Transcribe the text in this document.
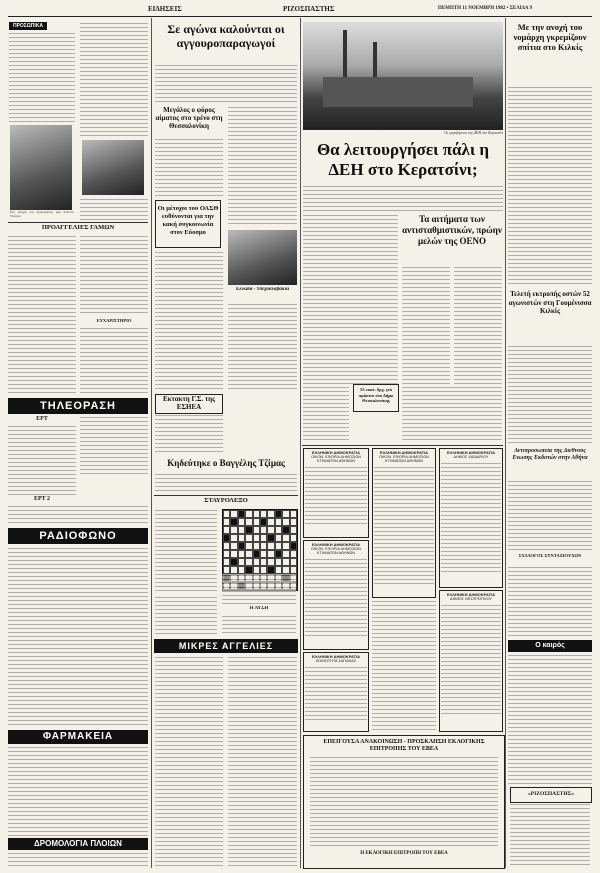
ΕΙΔΗΣΕΙΣ	ΡΙΖΟΣΠΑΣΤΗΣ	ΠΕΜΠΤΗ 11 ΝΟΕΜΒΡΗ 1982 • ΣΕΛΙΔΑ 9
ΠΡΟΣΩΠΙΚΑ
Στη μνήμη του αγαπημένου μας Στέλιου Τσούκα
ΠΡΟΑΓΓΕΛΙΕΣ ΓΑΜΩΝ
ΕΥΧΑΡΙΣΤΗΡΙΟ
ΤΗΛΕΟΡΑΣΗ
ΕΡΤ
ΕΡΤ 2
ΡΑΔΙΟΦΩΝΟ
ΦΑΡΜΑΚΕΙΑ
ΔΡΟΜΟΛΟΓΙΑ ΠΛΟΙΩΝ
Σε αγώνα καλούνται οι αγγουροπαραγωγοί
Μεγάλος ο φόρος αίματος στο τρένο στη Θεσσαλονίκη
Οι μέτοχοι του ΟΑΣΘ ευθύνονται για την κακή συγκοινωνία στον Εύοσμο
Ελλάδα - Τσεχοσλοβακία
Εκτακτη Γ.Σ. της ΕΣΗΕΑ
Κηδεύτηκε ο Βαγγέλης Τζίμας
ΣΤΑΥΡΟΛΕΞΟ
Η ΛΥΣΗ
ΜΙΚΡΕΣ ΑΓΓΕΛΙΕΣ
Οι εργαζόμενοι της ΔΕΗ στο Κερατσίνι
Θα λειτουργήσει πάλι η ΔΕΗ στο Κερατσίνι;
Τα αιτήματα των αντισταθμιστικών, πρώην μελών της ΟΕΝΟ
55 εκατ. δρχ. γιά πράσινο στο Δήμο Θεσσαλονίκης
ΕΛΛΗΝΙΚΗ ΔΗΜΟΚΡΑΤΙΑ
ΟΙΚΟΝ. ΕΦΟΡΙΑ ΔΗΜΟΣΙΩΝ ΚΤΗΜΑΤΩΝ ΑΘΗΝΩΝ
ΕΛΛΗΝΙΚΗ ΔΗΜΟΚΡΑΤΙΑ
ΟΙΚΟΝ. ΕΦΟΡΙΑ ΔΗΜΟΣΙΩΝ ΚΤΗΜΑΤΩΝ ΑΘΗΝΩΝ
ΕΛΛΗΝΙΚΗ ΔΗΜΟΚΡΑΤΙΑ
ΚΟΙΝΟΤΗΤΑ ΣΑΠΑΝΑΣ
ΕΛΛΗΝΙΚΗ ΔΗΜΟΚΡΑΤΙΑ
ΟΙΚΟΝ. ΕΦΟΡΙΑ ΔΗΜΟΣΙΩΝ ΚΤΗΜΑΤΩΝ ΑΘΗΝΩΝ
ΕΛΛΗΝΙΚΗ ΔΗΜΟΚΡΑΤΙΑ
ΔΗΜΟΣ ΧΑΪΔΑΡΙΟΥ
ΕΛΛΗΝΙΚΗ ΔΗΜΟΚΡΑΤΙΑ
ΔΗΜΟΣ ΘΕΣΠΡΩΤΙΚΟΥ
ΕΠΕΙΓΟΥΣΑ ΑΝΑΚΟΙΝΩΣΗ - ΠΡΟΣΚΛΗΣΗ ΕΚΛΟΓΙΚΗΣ ΕΠΙΤΡΟΠΗΣ ΤΟΥ ΕΒΕΑ
Η ΕΚΛΟΓΙΚΗ ΕΠΙΤΡΟΠΗ ΤΟΥ ΕΒΕΑ
Με την ανοχή του νομάρχη γκρεμίζουν σπίτια στο Κιλκίς
Τελετή εκτροπής οστών 52 αγωνιστών στη Γουμένισσα Κιλκίς
Αντιπροσωπεία της Διεθνούς Ενωσης Εκδοτών στην Αθήνα
ΣΥΛΛΟΓΟΣ ΣΥΝΤΑΞΙΟΥΧΩΝ
Ο καιρός
«ΡΙΖΟΣΠΑΣΤΗΣ»
